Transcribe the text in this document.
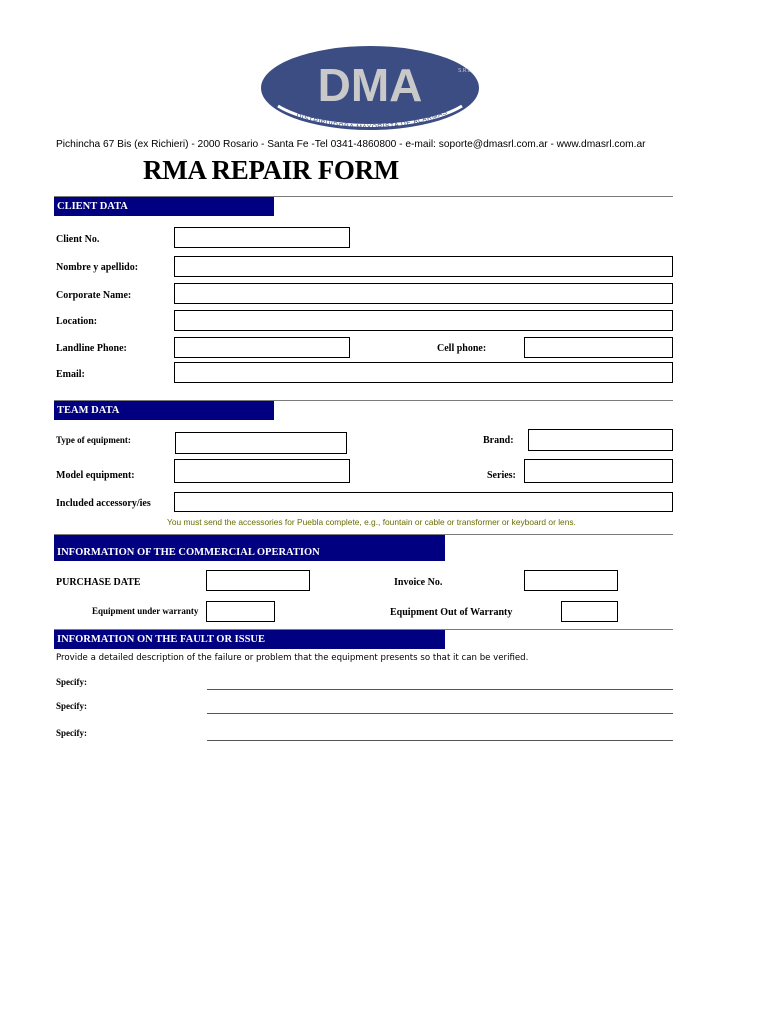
DMA	S.R.L.
DISTRIBUIDORA MAYORISTA DE ALARMAS
Pichincha 67 Bis (ex Richieri) - 2000 Rosario - Santa Fe -Tel 0341-4860800 - e-mail: soporte@dmasrl.com.ar - www.dmasrl.com.ar
RMA REPAIR FORM
CLIENT DATA
Client No.
Nombre y apellido:
Corporate Name:
Location:
Landline Phone:	Cell phone:
Email:
TEAM DATA
Type of equipment:	Brand:
Model equipment:	Series:
Included accessory/ies
You must send the accessories for Puebla complete, e.g., fountain or cable or transformer or keyboard or lens.
INFORMATION OF THE COMMERCIAL OPERATION
PURCHASE DATE	Invoice No.
Equipment under warranty	Equipment Out of Warranty
INFORMATION ON THE FAULT OR ISSUE
Provide a detailed description of the failure or problem that the equipment presents so that it can be verified.
Specify:
Specify:
Specify:
